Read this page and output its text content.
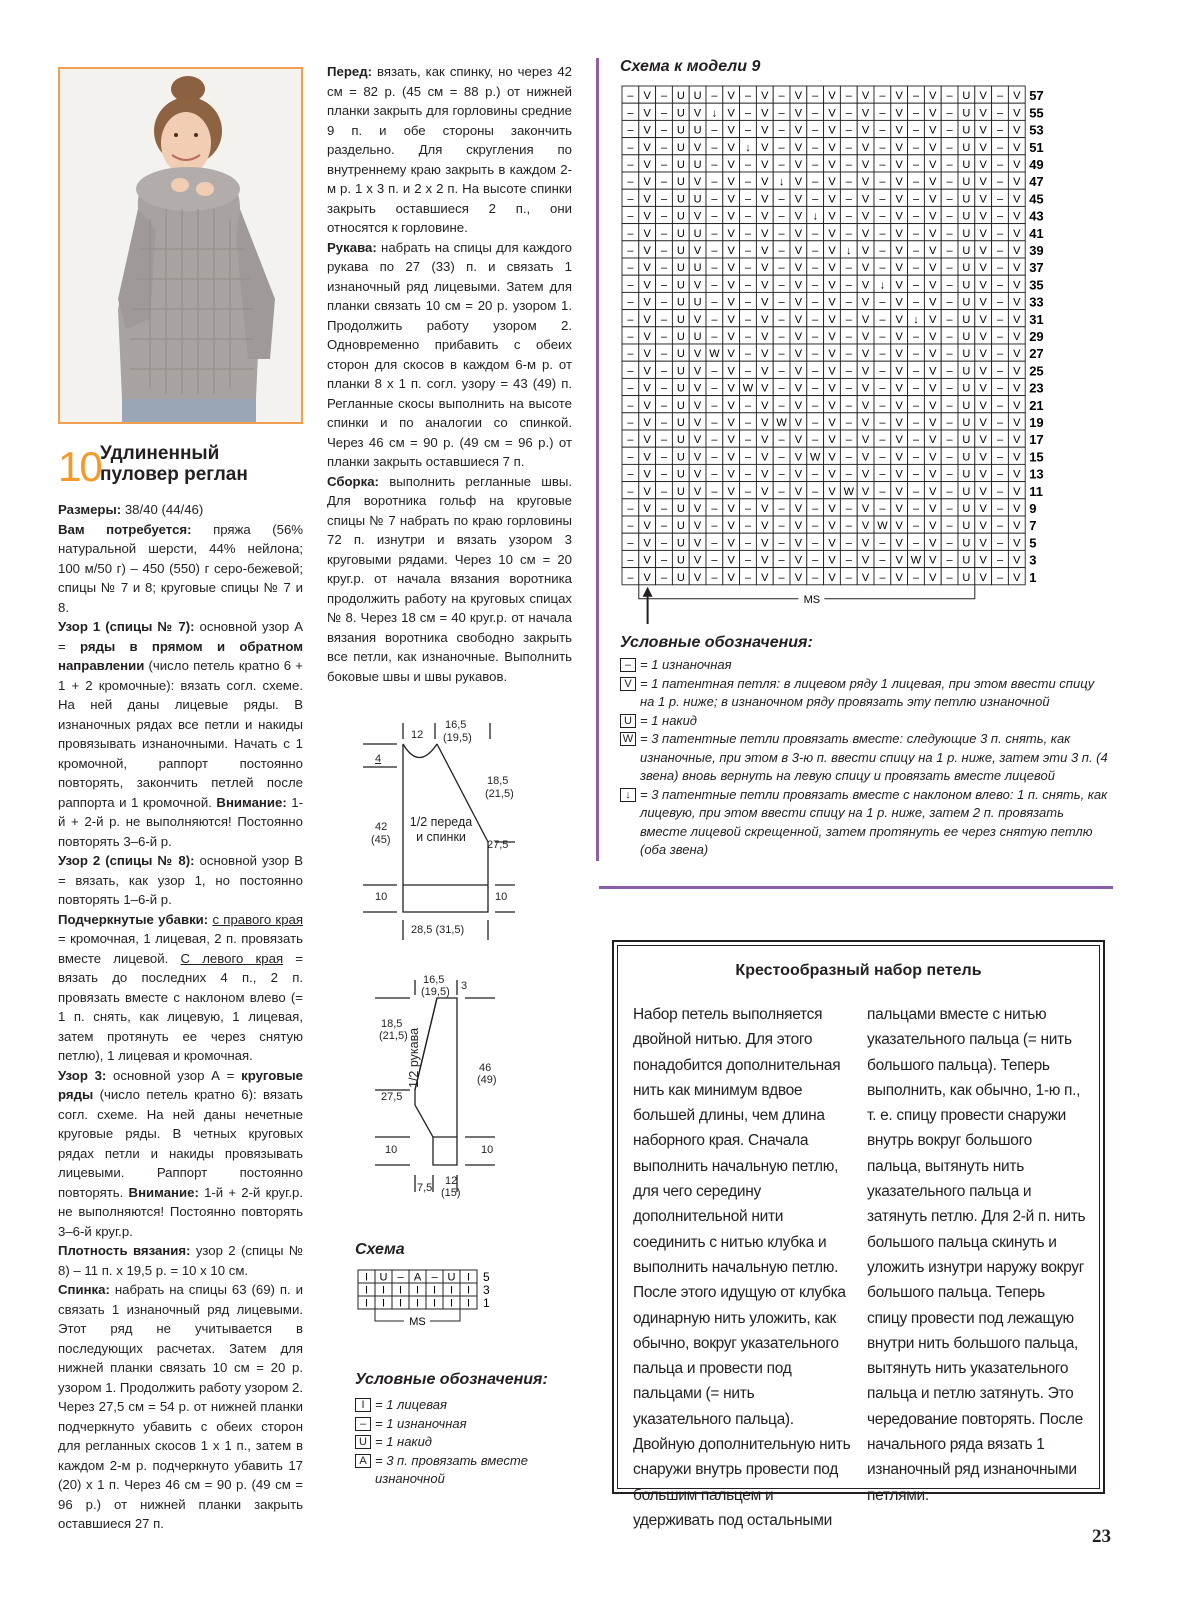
10 Удлиненный пуловер реглан

Размеры: 38/40 (44/46)

Вам потребуется: пряжа (56% натуральной шерсти, 44% нейлона; 100 м/50 г) – 450 (550) г серо-бежевой; спицы № 7 и 8; круговые спицы № 7 и 8.

Узор 1 (спицы № 7): основной узор А = ряды в прямом и обратном направлении (число петель кратно 6 + 1 + 2 кромочные): вязать согл. схеме. На ней даны лицевые ряды. В изнаночных рядах все петли и накиды провязывать изнаночными. Начать с 1 кромочной, раппорт постоянно повторять, закончить петлей после раппорта и 1 кромочной. Внимание: 1-й + 2-й р. не выполняются! Постоянно повторять 3–6-й р.

Узор 2 (спицы № 8): основной узор В = вязать, как узор 1, но постоянно повторять 1–6-й р.

Подчеркнутые убавки: с правого края = кромочная, 1 лицевая, 2 п. провязать вместе лицевой. С левого края = вязать до последних 4 п., 2 п. провязать вместе с наклоном влево (= 1 п. снять, как лицевую, 1 лицевая, затем протянуть ее через снятую петлю), 1 лицевая и кромочная.

Узор 3: основной узор А = круговые ряды (число петель кратно 6): вязать согл. схеме. На ней даны нечетные круговые ряды. В четных круговых рядах петли и накиды провязывать лицевыми. Раппорт постоянно повторять. Внимание: 1-й + 2-й круг.р. не выполняются! Постоянно повторять 3–6-й круг.р.

Плотность вязания: узор 2 (спицы № 8) – 11 п. х 19,5 р. = 10 х 10 см.

Спинка: набрать на спицы 63 (69) п. и связать 1 изнаночный ряд лицевыми. Этот ряд не учитывается в последующих расчетах. Затем для нижней планки связать 10 см = 20 р. узором 1. Продолжить работу узором 2. Через 27,5 см = 54 р. от нижней планки подчеркнуто убавить с обеих сторон для регланных скосов 1 х 1 п., затем в каждом 2-м р. подчеркнуто убавить 17 (20) х 1 п. Через 46 см = 90 р. (49 см = 96 р.) от нижней планки закрыть оставшиеся 27 п.

Перед: вязать, как спинку, но через 42 см = 82 р. (45 см = 88 р.) от нижней планки закрыть для горловины средние 9 п. и обе стороны закончить раздельно. Для скругления по внутреннему краю закрыть в каждом 2-м р. 1 х 3 п. и 2 х 2 п. На высоте спинки закрыть оставшиеся 2 п., они относятся к горловине.

Рукава: набрать на спицы для каждого рукава по 27 (33) п. и связать 1 изнаночный ряд лицевыми. Затем для планки связать 10 см = 20 р. узором 1. Продолжить работу узором 2. Одновременно прибавить с обеих сторон для скосов в каждом 6-м р. от планки 8 х 1 п. согл. узору = 43 (49) п. Регланные скосы выполнить на высоте спинки и по аналогии со спинкой. Через 46 см = 90 р. (49 см = 96 р.) от планки закрыть оставшиеся 7 п.

Сборка: выполнить регланные швы. Для воротника гольф на круговые спицы № 7 набрать по краю горловины 72 п. изнутри и вязать узором 3 круговыми рядами. Через 10 см = 20 круг.р. от начала вязания воротника продолжить работу на круговых спицах № 8. Через 18 см = 40 круг.р. от начала вязания воротника свободно закрыть все петли, как изнаночные. Выполнить боковые швы и швы рукавов.

12
16,5
(19,5)
4
18,5
(21,5)
42
(45)
1/2 переда и спинки
27,5
10	10
28,5 (31,5)
16,5
(19,5) 3
18,5
(21,5)
46
(49)
27,5
1/2 рукава
10	10
7,5
12
(15)
Схема
I U – A – U I 5
I I I I I I I 3
I I I I I I I 1
MS
Условные обозначения:
I = 1 лицевая
– = 1 изнаночная
U = 1 накид
A = 3 п. провязать вместе изнаночной
Схема к модели 9
– V – U U – V – V – V – V – V – V – V – U V – V 57
– V – U V ↓ V – V – V – V – V – V – V – U V – V 55
– V – U U – V – V – V – V – V – V – V – U V – V 53
– V – U V – V ↓ V – V – V – V – V – V – U V – V 51
– V – U U – V – V – V – V – V – V – V – U V – V 49
– V – U V – V – V ↓ V – V – V – V – V – U V – V 47
– V – U U – V – V – V – V – V – V – V – U V – V 45
– V – U V – V – V – V ↓ V – V – V – V – U V – V 43
– V – U U – V – V – V – V – V – V – V – U V – V 41
– V – U V – V – V – V – V ↓ V – V – V – U V – V 39
– V – U U – V – V – V – V – V – V – V – U V – V 37
– V – U V – V – V – V – V – V ↓ V – V – U V – V 35
– V – U U – V – V – V – V – V – V – V – U V – V 33
– V – U V – V – V – V – V – V – V ↓ V – U V – V 31
– V – U U – V – V – V – V – V – V – V – U V – V 29
– V – U V W V – V – V – V – V – V – V – U V – V 27
– V – U V – V – V – V – V – V – V – V – U V – V 25
– V – U V – V W V – V – V – V – V – V – U V – V 23
– V – U V – V – V – V – V – V – V – V – U V – V 21
– V – U V – V – V W V – V – V – V – V – U V – V 19
– V – U V – V – V – V – V – V – V – V – U V – V 17
– V – U V – V – V – V W V – V – V – V – U V – V 15
– V – U V – V – V – V – V – V – V – V – U V – V 13
– V – U V – V – V – V – V W V – V – V – U V – V 11
– V – U V – V – V – V – V – V – V – V – U V – V 9
– V – U V – V – V – V – V – V W V – V – U V – V 7
– V – U V – V – V – V – V – V – V – V – U V – V 5
– V – U V – V – V – V – V – V – V W V – U V – V 3
– V – U V – V – V – V – V – V – V – V – U V – V 1
MS
Условные обозначения:
– = 1 изнаночная
V = 1 патентная петля: в лицевом ряду 1 лицевая, при этом ввести спицу на 1 р. ниже; в изнаночном ряду провязать эту петлю изнаночной
U = 1 накид
W = 3 патентные петли провязать вместе: следующие 3 п. снять, как изнаночные, при этом в 3-ю п. ввести спицу на 1 р. ниже, затем эти 3 п. (4 звена) вновь вернуть на левую спицу и провязать вместе лицевой
↓ = 3 патентные петли провязать вместе с наклоном влево: 1 п. снять, как лицевую, при этом ввести спицу на 1 р. ниже, затем 2 п. провязать вместе лицевой скрещенной, затем протянуть ее через снятую петлю (оба звена)
Крестообразный набор петель
Набор петель выполняется двойной нитью. Для этого понадобится дополнительная нить как минимум вдвое большей длины, чем длина наборного края. Сначала выполнить начальную петлю, для чего середину дополнительной нити соединить с нитью клубка и выполнить начальную петлю. После этого идущую от клубка одинарную нить уложить, как обычно, вокруг указательного пальца и провести под пальцами (= нить указательного пальца). Двойную дополнительную нить снаружи внутрь провести под большим пальцем и удерживать под остальными
пальцами вместе с нитью указательного пальца (= нить большого пальца). Теперь выполнить, как обычно, 1-ю п., т. е. спицу провести снаружи внутрь вокруг большого пальца, вытянуть нить указательного пальца и затянуть петлю. Для 2-й п. нить большого пальца скинуть и уложить изнутри наружу вокруг большого пальца. Теперь спицу провести под лежащую внутри нить большого пальца, вытянуть нить указательного пальца и петлю затянуть. Это чередование повторять. После начального ряда вязать 1 изнаночный ряд изнаночными петлями.
23
